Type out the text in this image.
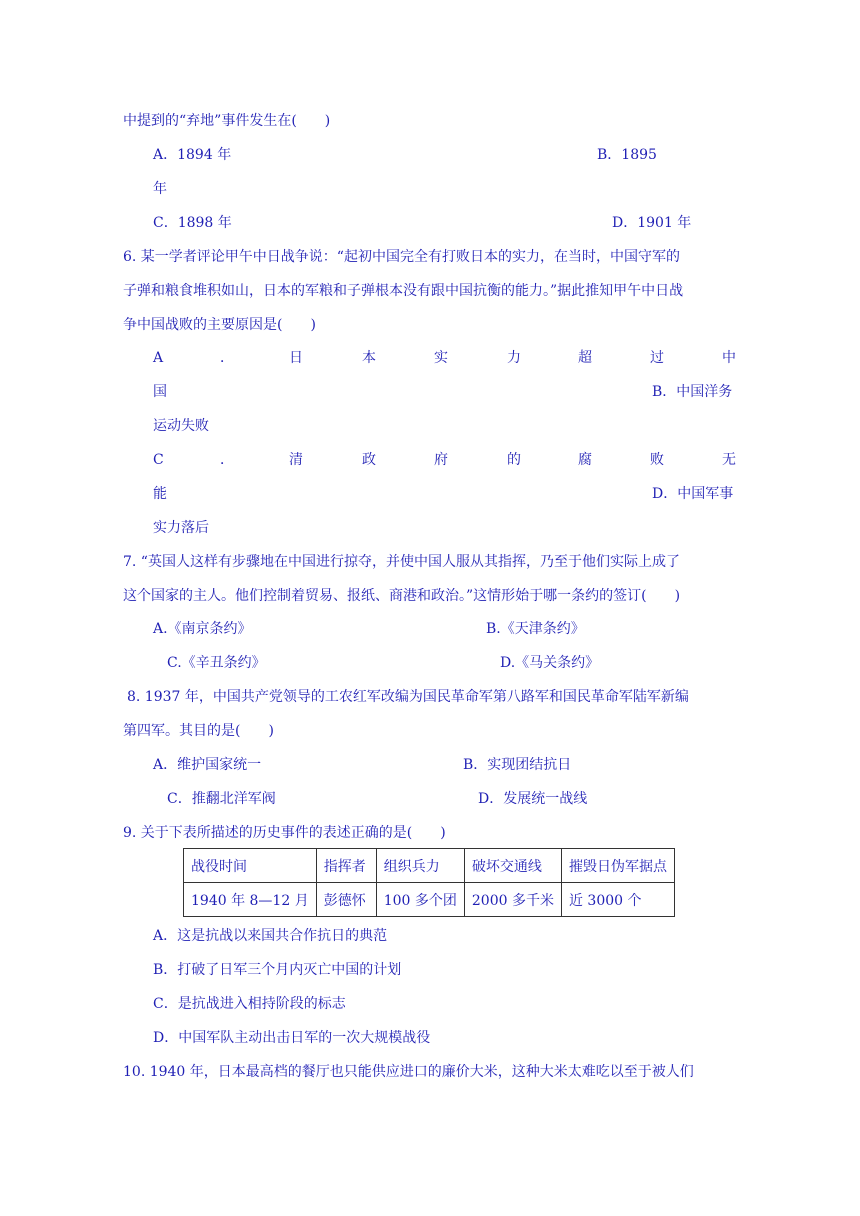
中提到的“弃地”事件发生在(　　)
A．1894 年	B．1895
年
C．1898 年	D．1901 年
6. 某一学者评论甲午中日战争说：“起初中国完全有打败日本的实力，在当时，中国守军的
子弹和粮食堆积如山，日本的军粮和子弹根本没有跟中国抗衡的能力。”据此推知甲午中日战
争中国战败的主要原因是(　　)
A	．	日	本	实	力	超	过	中
国	B．中国洋务
运动失败
C	．	清	政	府	的	腐	败	无
能	D．中国军事
实力落后
7. “英国人这样有步骤地在中国进行掠夺，并使中国人服从其指挥，乃至于他们实际上成了
这个国家的主人。他们控制着贸易、报纸、商港和政治。”这情形始于哪一条约的签订(　　)
A.《南京条约》	B.《天津条约》
C.《辛丑条约》	D.《马关条约》
8. 1937 年，中国共产党领导的工农红军改编为国民革命军第八路军和国民革命军陆军新编
第四军。其目的是(　　)
A．维护国家统一	B．实现团结抗日
C．推翻北洋军阀	D．发展统一战线
9. 关于下表所描述的历史事件的表述正确的是(　　)
战役时间	指挥者	组织兵力	破坏交通线	摧毁日伪军据点
1940 年 8—12 月	彭德怀	100 多个团	2000 多千米	近 3000 个
A．这是抗战以来国共合作抗日的典范
B．打破了日军三个月内灭亡中国的计划
C．是抗战进入相持阶段的标志
D．中国军队主动出击日军的一次大规模战役
10. 1940 年，日本最高档的餐厅也只能供应进口的廉价大米，这种大米太难吃以至于被人们
